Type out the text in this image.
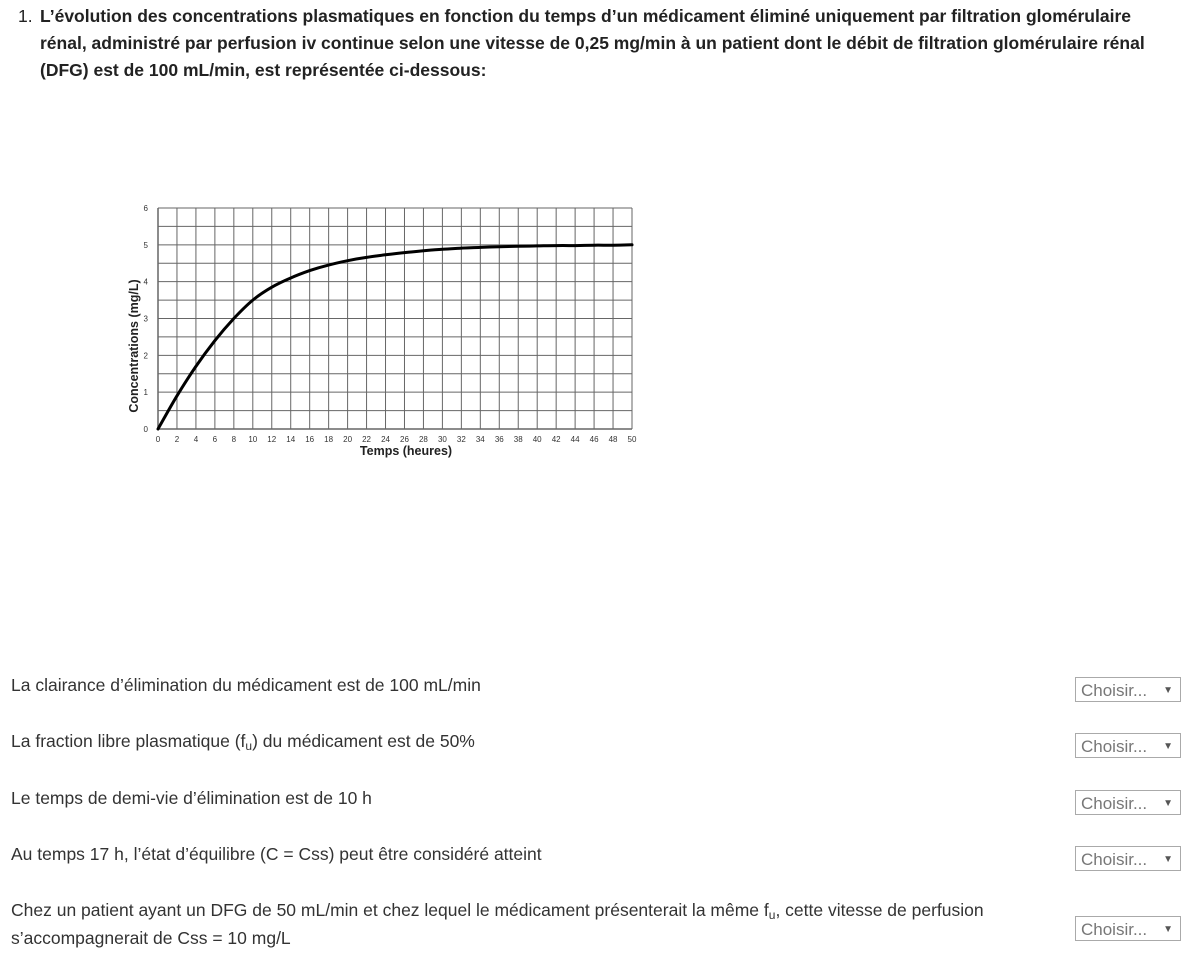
1. L’évolution des concentrations plasmatiques en fonction du temps d’un médicament éliminé uniquement par filtration glomérulaire rénal, administré par perfusion iv continue selon une vitesse de 0,25 mg/min à un patient dont le débit de filtration glomérulaire rénal (DFG) est de 100 mL/min, est représentée ci-dessous:
0 2 4 6 8 10 12 14 16 18 20 22 24 26 28 30 32 34 36 38 40 42 44 46 48 50
0
1
2
3
4
5
6
Temps (heures)
Concentrations (mg/L)
La clairance d’élimination du médicament est de 100 mL/min	Choisir... ▼
La fraction libre plasmatique $(f_u)$ du médicament est de 50%	Choisir... ▼
Le temps de demi-vie d’élimination est de 10 h	Choisir... ▼
Au temps 17 h, l’état d’équilibre (C = Css) peut être considéré atteint	Choisir... ▼
Chez un patient ayant un DFG de 50 mL/min et chez lequel le médicament présenterait la même $f_u$, cette vitesse de perfusion s’accompagnerait de Css = 10 mg/L	Choisir... ▼
